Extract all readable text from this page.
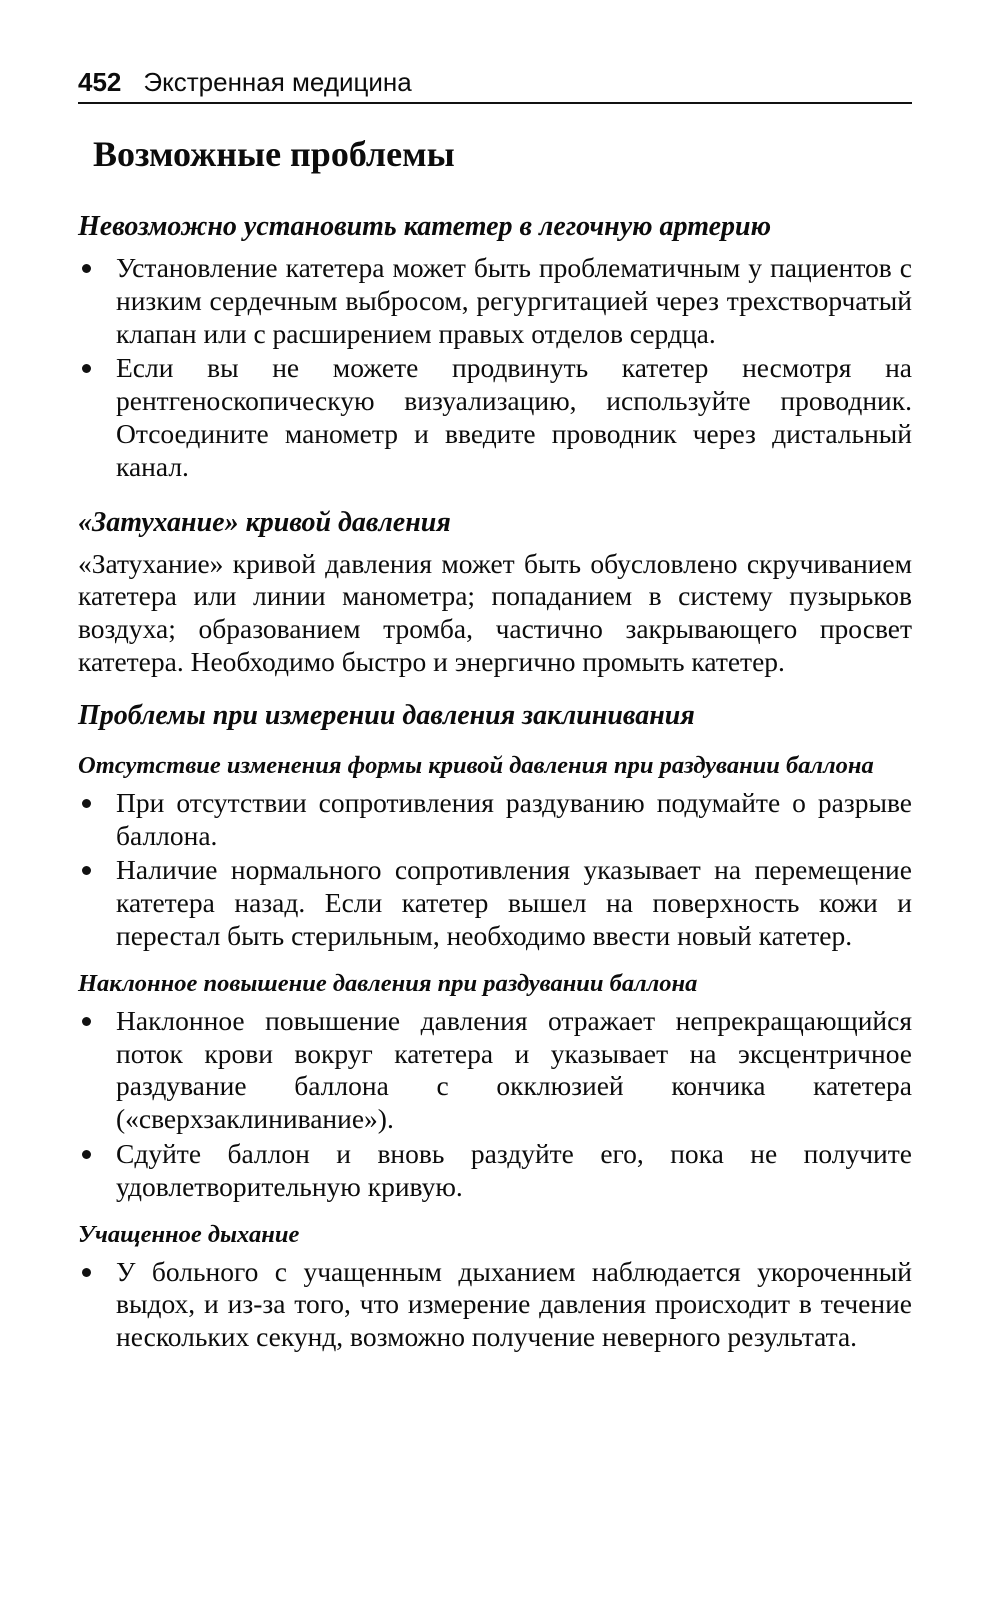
452 Экстренная медицина
Возможные проблемы
Невозможно установить катетер в легочную артерию
Установление катетера может быть проблематичным у пациентов с низким сердечным выбросом, регургитацией через трехстворчатый клапан или с расширением правых отделов сердца.
Если вы не можете продвинуть катетер несмотря на рентгеноскопическую визуализацию, используйте проводник. Отсоедините манометр и введите проводник через дистальный канал.
«Затухание» кривой давления

«Затухание» кривой давления может быть обусловлено скручиванием катетера или линии манометра; попаданием в систему пузырьков воздуха; образованием тромба, частично закрывающего просвет катетера. Необходимо быстро и энергично промыть катетер.

Проблемы при измерении давления заклинивания
Отсутствие изменения формы кривой давления при раздувании баллона
При отсутствии сопротивления раздуванию подумайте о разрыве баллона.
Наличие нормального сопротивления указывает на перемещение катетера назад. Если катетер вышел на поверхность кожи и перестал быть стерильным, необходимо ввести новый катетер.
Наклонное повышение давления при раздувании баллона
Наклонное повышение давления отражает непрекращающийся поток крови вокруг катетера и указывает на эксцентричное раздувание баллона с окклюзией кончика катетера («сверхзаклинивание»).
Сдуйте баллон и вновь раздуйте его, пока не получите удовлетворительную кривую.
Учащенное дыхание
У больного с учащенным дыханием наблюдается укороченный выдох, и из-за того, что измерение давления происходит в течение нескольких секунд, возможно получение неверного результата.
